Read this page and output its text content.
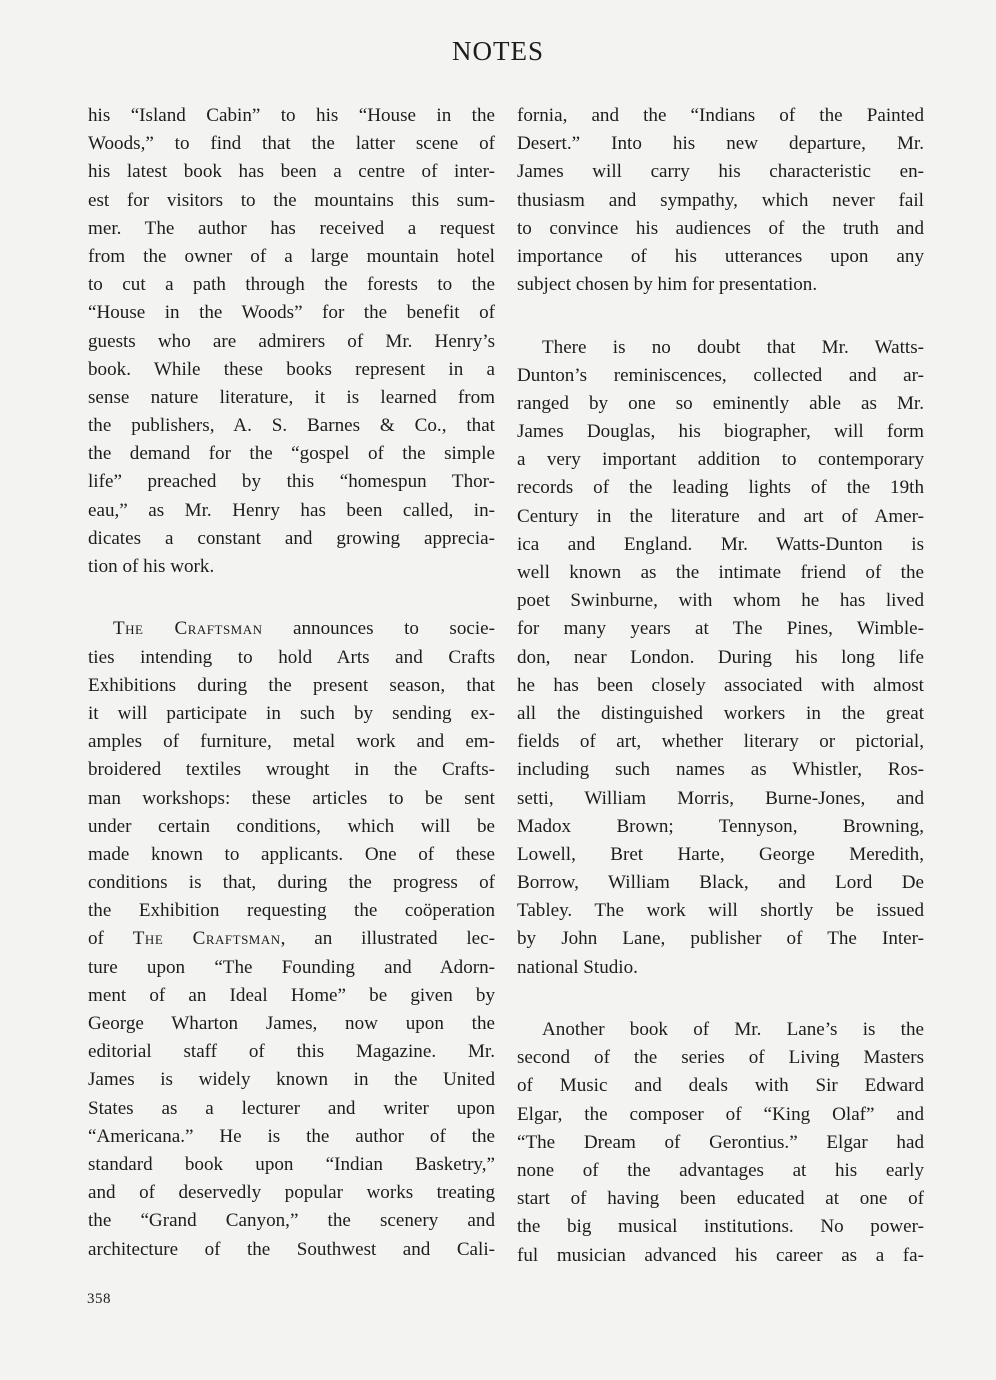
NOTES
his “Island Cabin” to his “House in the
Woods,” to find that the latter scene of
his latest book has been a centre of inter-
est for visitors to the mountains this sum-
mer. The author has received a request
from the owner of a large mountain hotel
to cut a path through the forests to the
“House in the Woods” for the benefit of
guests who are admirers of Mr. Henry’s
book. While these books represent in a
sense nature literature, it is learned from
the publishers, A. S. Barnes & Co., that
the demand for the “gospel of the simple
life” preached by this “homespun Thor-
eau,” as Mr. Henry has been called, in-
dicates a constant and growing apprecia-
tion of his work.
The Craftsman announces to socie-
ties intending to hold Arts and Crafts
Exhibitions during the present season, that
it will participate in such by sending ex-
amples of furniture, metal work and em-
broidered textiles wrought in the Crafts-
man workshops: these articles to be sent
under certain conditions, which will be
made known to applicants. One of these
conditions is that, during the progress of
the Exhibition requesting the coöperation
of The Craftsman, an illustrated lec-
ture upon “The Founding and Adorn-
ment of an Ideal Home” be given by
George Wharton James, now upon the
editorial staff of this Magazine. Mr.
James is widely known in the United
States as a lecturer and writer upon
“Americana.” He is the author of the
standard book upon “Indian Basketry,”
and of deservedly popular works treating
the “Grand Canyon,” the scenery and
architecture of the Southwest and Cali-
fornia, and the “Indians of the Painted
Desert.” Into his new departure, Mr.
James will carry his characteristic en-
thusiasm and sympathy, which never fail
to convince his audiences of the truth and
importance of his utterances upon any
subject chosen by him for presentation.
There is no doubt that Mr. Watts-
Dunton’s reminiscences, collected and ar-
ranged by one so eminently able as Mr.
James Douglas, his biographer, will form
a very important addition to contemporary
records of the leading lights of the 19th
Century in the literature and art of Amer-
ica and England. Mr. Watts-Dunton is
well known as the intimate friend of the
poet Swinburne, with whom he has lived
for many years at The Pines, Wimble-
don, near London. During his long life
he has been closely associated with almost
all the distinguished workers in the great
fields of art, whether literary or pictorial,
including such names as Whistler, Ros-
setti, William Morris, Burne-Jones, and
Madox Brown; Tennyson, Browning,
Lowell, Bret Harte, George Meredith,
Borrow, William Black, and Lord De
Tabley. The work will shortly be issued
by John Lane, publisher of The Inter-
national Studio.
Another book of Mr. Lane’s is the
second of the series of Living Masters
of Music and deals with Sir Edward
Elgar, the composer of “King Olaf” and
“The Dream of Gerontius.” Elgar had
none of the advantages at his early
start of having been educated at one of
the big musical institutions. No power-
ful musician advanced his career as a fa-
358
